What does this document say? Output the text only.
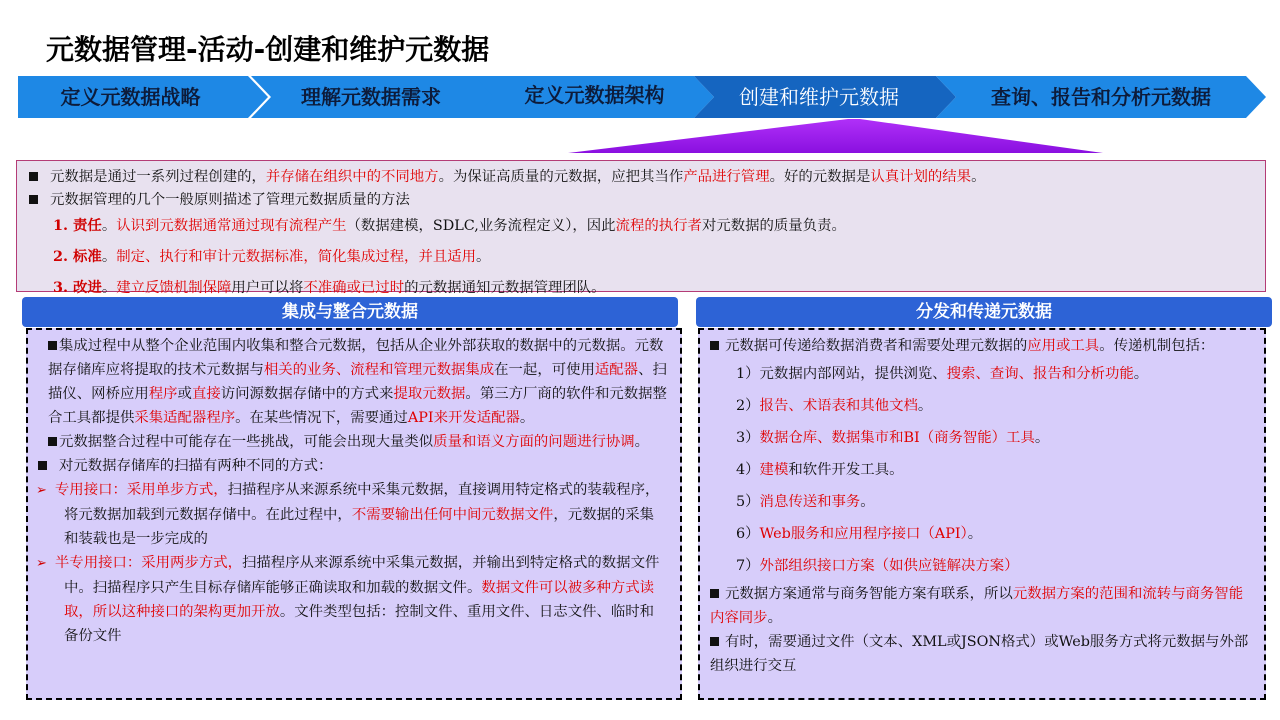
元数据管理-活动-创建和维护元数据
定义元数据战略	理解元数据需求	定义元数据架构	创建和维护元数据	查询、报告和分析元数据

元数据是通过一系列过程创建的，并存储在组织中的不同地方。为保证高质量的元数据，应把其当作产品进行管理。好的元数据是认真计划的结果。

元数据管理的几个一般原则描述了管理元数据质量的方法

1. 责任。认识到元数据通常通过现有流程产生（数据建模，SDLC,业务流程定义），因此流程的执行者对元数据的质量负责。

2. 标准。制定、执行和审计元数据标准，简化集成过程，并且适用。

3. 改进。建立反馈机制保障用户可以将不准确或已过时的元数据通知元数据管理团队。

集成与整合元数据

集成过程中从整个企业范围内收集和整合元数据，包括从企业外部获取的数据中的元数据。元数据存储库应将提取的技术元数据与相关的业务、流程和管理元数据集成在一起，可使用适配器、扫描仪、网桥应用程序或直接访问源数据存储中的方式来提取元数据。第三方厂商的软件和元数据整合工具都提供采集适配器程序。在某些情况下，需要通过API来开发适配器。

元数据整合过程中可能存在一些挑战，可能会出现大量类似质量和语义方面的问题进行协调。

对元数据存储库的扫描有两种不同的方式：

➢ 专用接口：采用单步方式，扫描程序从来源系统中采集元数据，直接调用特定格式的装载程序，将元数据加载到元数据存储中。在此过程中，不需要输出任何中间元数据文件，元数据的采集和装载也是一步完成的

➢ 半专用接口：采用两步方式，扫描程序从来源系统中采集元数据，并输出到特定格式的数据文件中。扫描程序只产生目标存储库能够正确读取和加载的数据文件。数据文件可以被多种方式读取，所以这种接口的架构更加开放。文件类型包括：控制文件、重用文件、日志文件、临时和备份文件

分发和传递元数据

元数据可传递给数据消费者和需要处理元数据的应用或工具。传递机制包括：

1）元数据内部网站，提供浏览、搜索、查询、报告和分析功能。

2）报告、术语表和其他文档。

3）数据仓库、数据集市和BI（商务智能）工具。

4）建模和软件开发工具。

5）消息传送和事务。

6）Web服务和应用程序接口（API）。

7）外部组织接口方案（如供应链解决方案）

元数据方案通常与商务智能方案有联系，所以元数据方案的范围和流转与商务智能内容同步。

有时，需要通过文件（文本、XML或JSON格式）或Web服务方式将元数据与外部组织进行交互
